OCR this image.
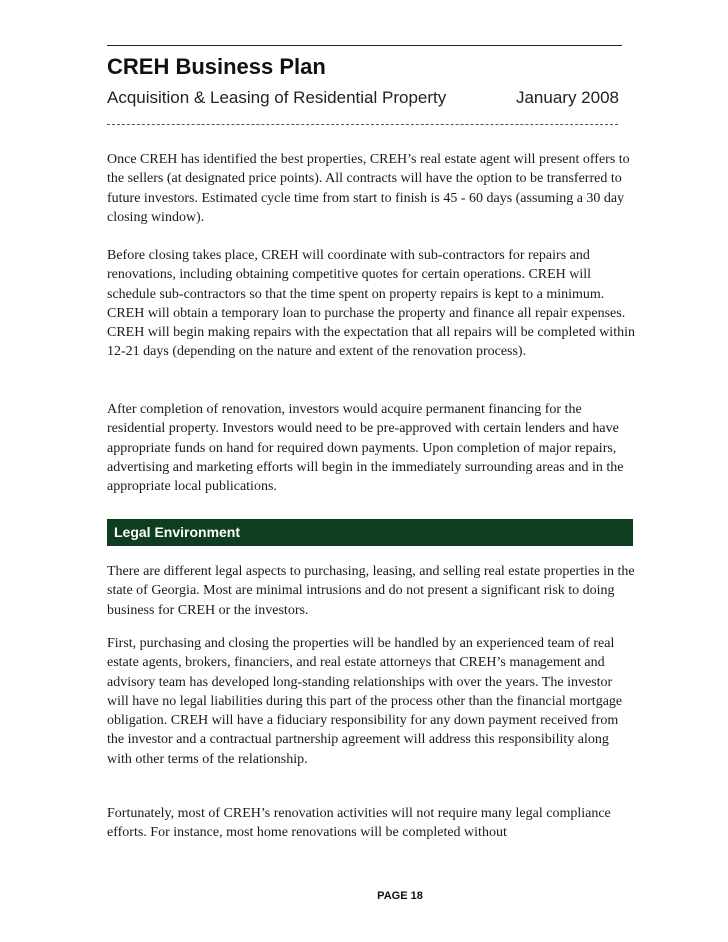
CREH Business Plan
Acquisition & Leasing of Residential Property	January 2008

Once CREH has identified the best properties, CREH’s real estate agent will present offers to the sellers (at designated price points). All contracts will have the option to be transferred to future investors. Estimated cycle time from start to finish is 45 - 60 days (assuming a 30 day closing window).

Before closing takes place, CREH will coordinate with sub-contractors for repairs and renovations, including obtaining competitive quotes for certain operations. CREH will schedule sub-contractors so that the time spent on property repairs is kept to a minimum. CREH will obtain a temporary loan to purchase the property and finance all repair expenses. CREH will begin making repairs with the expectation that all repairs will be completed within 12-21 days (depending on the nature and extent of the renovation process).

After completion of renovation, investors would acquire permanent financing for the residential property. Investors would need to be pre-approved with certain lenders and have appropriate funds on hand for required down payments. Upon completion of major repairs, advertising and marketing efforts will begin in the immediately surrounding areas and in the appropriate local publications.

Legal Environment

There are different legal aspects to purchasing, leasing, and selling real estate properties in the state of Georgia. Most are minimal intrusions and do not present a significant risk to doing business for CREH or the investors.

First, purchasing and closing the properties will be handled by an experienced team of real estate agents, brokers, financiers, and real estate attorneys that CREH’s management and advisory team has developed long-standing relationships with over the years. The investor will have no legal liabilities during this part of the process other than the financial mortgage obligation. CREH will have a fiduciary responsibility for any down payment received from the investor and a contractual partnership agreement will address this responsibility along with other terms of the relationship.

Fortunately, most of CREH’s renovation activities will not require many legal compliance efforts. For instance, most home renovations will be completed without

PAGE 18
